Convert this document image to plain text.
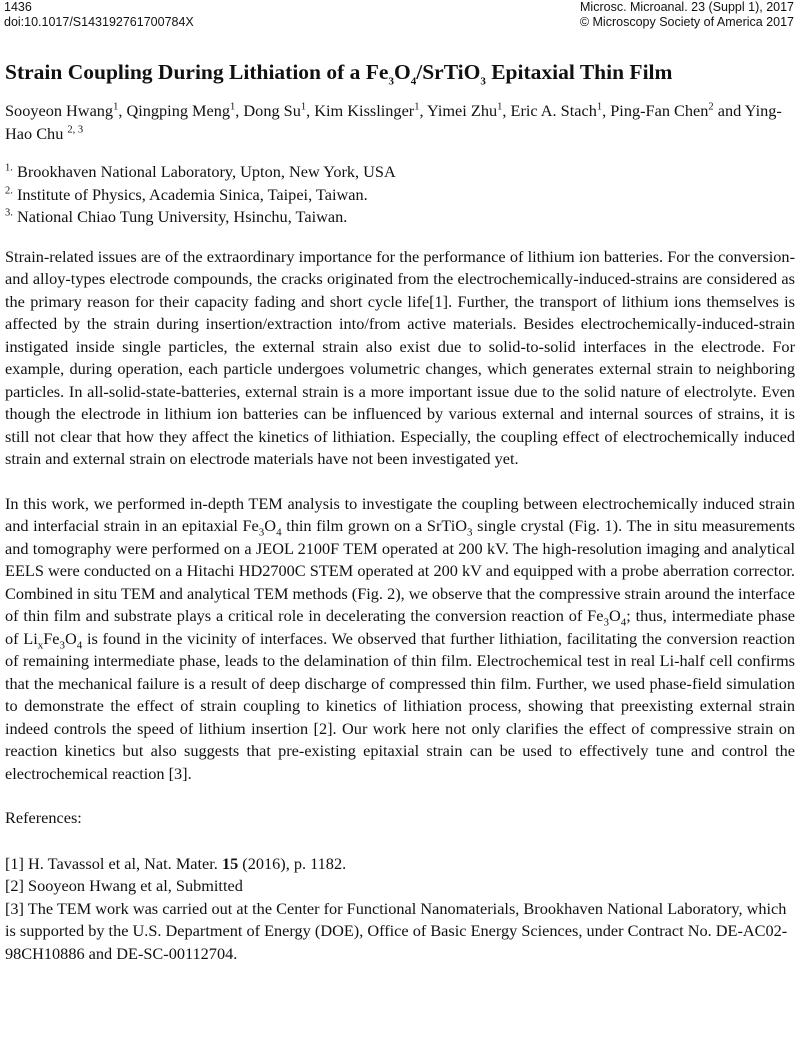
1436
doi:10.1017/S143192761700784X
Microsc. Microanal. 23 (Suppl 1), 2017
© Microscopy Society of America 2017
Strain Coupling During Lithiation of a $Fe_3O_4/SrTiO_3$ Epitaxial Thin Film

Sooyeon Hwang$^1$, Qingping Meng$^1$, Dong Su$^1$, Kim Kisslinger$^1$, Yimei Zhu$^1$, Eric A. Stach$^1$, Ping-Fan Chen$^2$ and Ying-Hao Chu $^{2, 3}$

$^{1.}$ Brookhaven National Laboratory, Upton, New York, USA

$^{2.}$ Institute of Physics, Academia Sinica, Taipei, Taiwan.

$^{3.}$ National Chiao Tung University, Hsinchu, Taiwan.

Strain-related issues are of the extraordinary importance for the performance of lithium ion batteries. For the conversion- and alloy-types electrode compounds, the cracks originated from the electrochemically-induced-strains are considered as the primary reason for their capacity fading and short cycle life[1]. Further, the transport of lithium ions themselves is affected by the strain during insertion/extraction into/from active materials. Besides electrochemically-induced-strain instigated inside single particles, the external strain also exist due to solid-to-solid interfaces in the electrode. For example, during operation, each particle undergoes volumetric changes, which generates external strain to neighboring particles. In all-solid-state-batteries, external strain is a more important issue due to the solid nature of electrolyte. Even though the electrode in lithium ion batteries can be influenced by various external and internal sources of strains, it is still not clear that how they affect the kinetics of lithiation. Especially, the coupling effect of electrochemically induced strain and external strain on electrode materials have not been investigated yet.

In this work, we performed in-depth TEM analysis to investigate the coupling between electrochemically induced strain and interfacial strain in an epitaxial $Fe_3O_4$ thin film grown on a SrTiO$_3$ single crystal (Fig. 1). The in situ measurements and tomography were performed on a JEOL 2100F TEM operated at 200 kV. The high-resolution imaging and analytical EELS were conducted on a Hitachi HD2700C STEM operated at 200 kV and equipped with a probe aberration corrector. Combined in situ TEM and analytical TEM methods (Fig. 2), we observe that the compressive strain around the interface of thin film and substrate plays a critical role in decelerating the conversion reaction of $Fe_3O_4$; thus, intermediate phase of $Li_xFe_3O_4$ is found in the vicinity of interfaces. We observed that further lithiation, facilitating the conversion reaction of remaining intermediate phase, leads to the delamination of thin film. Electrochemical test in real Li-half cell confirms that the mechanical failure is a result of deep discharge of compressed thin film. Further, we used phase-field simulation to demonstrate the effect of strain coupling to kinetics of lithiation process, showing that preexisting external strain indeed controls the speed of lithium insertion [2]. Our work here not only clarifies the effect of compressive strain on reaction kinetics but also suggests that pre-existing epitaxial strain can be used to effectively tune and control the electrochemical reaction [3].

References:

[1] H. Tavassol et al, Nat. Mater. 15 (2016), p. 1182.

[2] Sooyeon Hwang et al, Submitted

[3] The TEM work was carried out at the Center for Functional Nanomaterials, Brookhaven National Laboratory, which is supported by the U.S. Department of Energy (DOE), Office of Basic Energy Sciences, under Contract No. DE-AC02- 98CH10886 and DE-SC-00112704.
